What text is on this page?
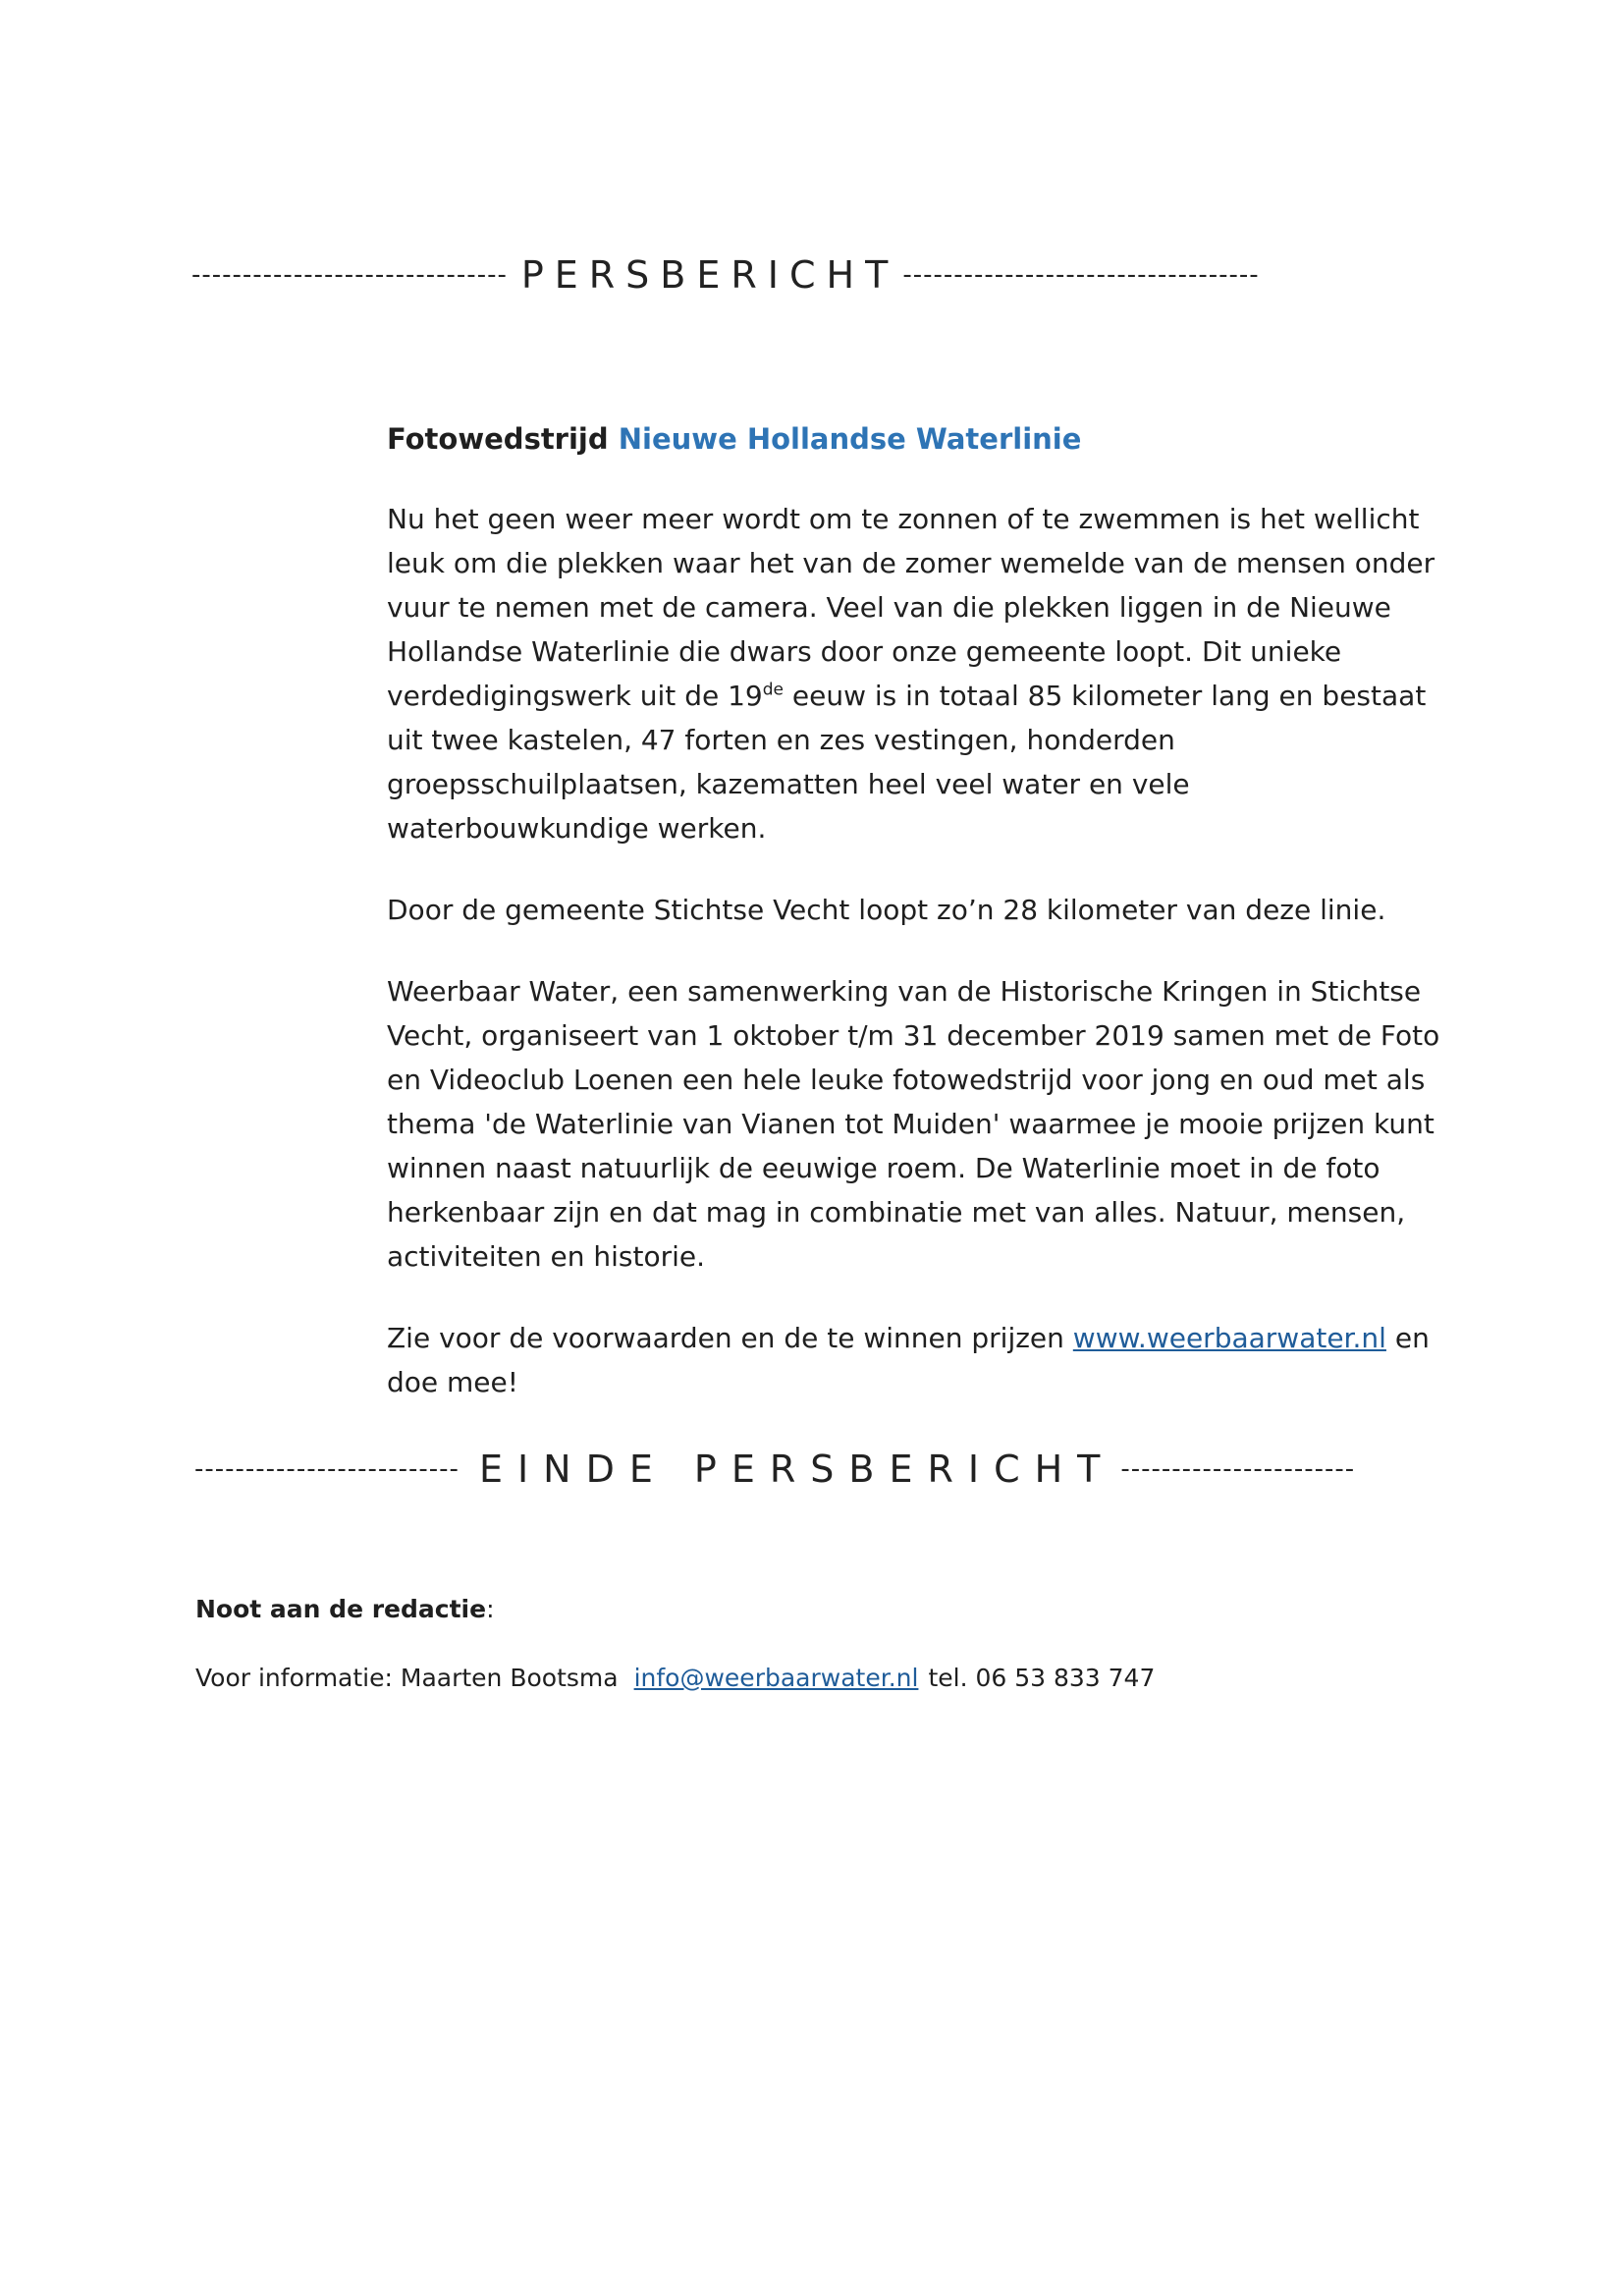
------------------------------- PERSBERICHT -----------------------------------
Fotowedstrijd Nieuwe Hollandse Waterlinie

Nu het geen weer meer wordt om te zonnen of te zwemmen is het wellicht leuk om die plekken waar het van de zomer wemelde van de mensen onder vuur te nemen met de camera. Veel van die plekken liggen in de Nieuwe Hollandse Waterlinie die dwars door onze gemeente loopt. Dit unieke verdedigingswerk uit de 19de eeuw is in totaal 85 kilometer lang en bestaat uit twee kastelen, 47 forten en zes vestingen, honderden groepsschuilplaatsen, kazematten heel veel water en vele waterbouwkundige werken.

Door de gemeente Stichtse Vecht loopt zo’n 28 kilometer van deze linie.

Weerbaar Water, een samenwerking van de Historische Kringen in Stichtse Vecht, organiseert van 1 oktober t/m 31 december 2019 samen met de Foto en Videoclub Loenen een hele leuke fotowedstrijd voor jong en oud met als thema 'de Waterlinie van Vianen tot Muiden' waarmee je mooie prijzen kunt winnen naast natuurlijk de eeuwige roem. De Waterlinie moet in de foto herkenbaar zijn en dat mag in combinatie met van alles. Natuur, mensen, activiteiten en historie.

Zie voor de voorwaarden en de te winnen prijzen www.weerbaarwater.nl en doe mee!

-------------------------- EINDE PERSBERICHT -----------------------
Noot aan de redactie:
Voor informatie: Maarten Bootsma info@weerbaarwater.nl tel. 06 53 833 747
